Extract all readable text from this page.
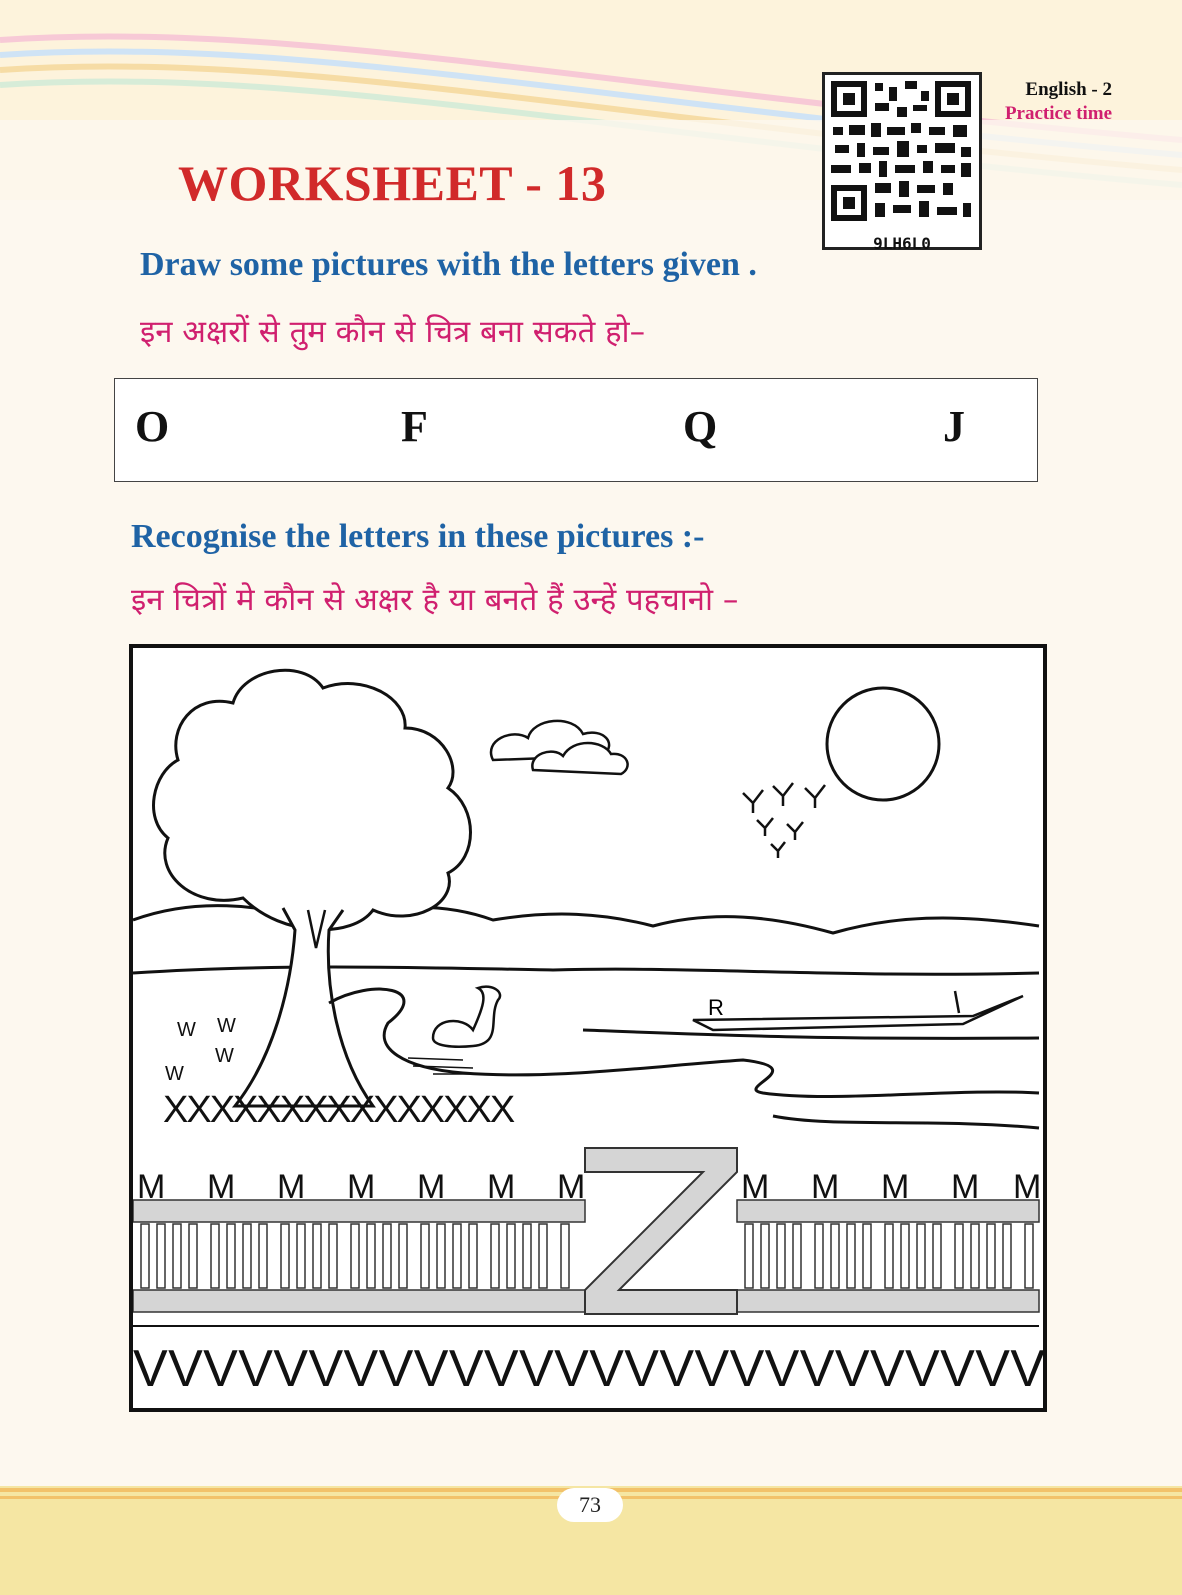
English - 2
Practice time
9LH6L0
WORKSHEET - 13
Draw some pictures with the letters given .
इन अक्षरों से तुम कौन से चित्र बना सकते हो–
O	F	Q	J
Recognise the letters in these pictures :-
इन चित्रों मे कौन से अक्षर है या बनते हैं उन्हें पहचानो –
R
W W
W
W
XXXXXXXXXXXXXXX
M M M M M M M	M M M M M
VVVVVVVVVVVVVVVVVVVVVVVVVV
73
